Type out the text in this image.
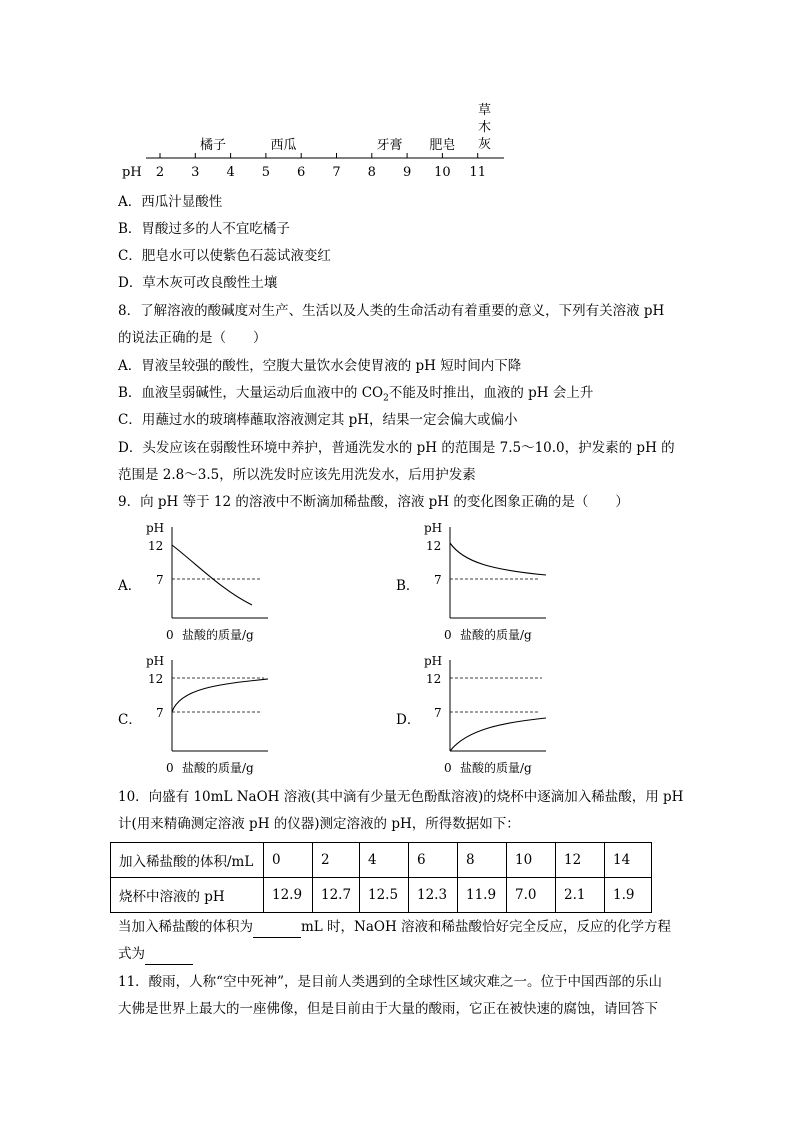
pH 2 3 4 5 6 7 8 9 10 11
橘子	西瓜	牙膏 肥皂
草
木
灰
A．西瓜汁显酸性
B．胃酸过多的人不宜吃橘子
C．肥皂水可以使紫色石蕊试液变红
D．草木灰可改良酸性土壤
8．了解溶液的酸碱度对生产、生活以及人类的生命活动有着重要的意义，下列有关溶液 pH
的说法正确的是（　　）
A．胃液呈较强的酸性，空腹大量饮水会使胃液的 pH 短时间内下降
B．血液呈弱碱性，大量运动后血液中的 $CO_2$不能及时推出，血液的 pH 会上升
C．用蘸过水的玻璃棒蘸取溶液测定其 pH，结果一定会偏大或偏小
D．头发应该在弱酸性环境中养护，普通洗发水的 pH 的范围是 7.5～10.0，护发素的 pH 的
范围是 2.8～3.5，所以洗发时应该先用洗发水，后用护发素
9．向 pH 等于 12 的溶液中不断滴加稀盐酸，溶液 pH 的变化图象正确的是（　　）
A．	B．
C．	D．
pH
12
7
0 盐酸的质量/g
pH
12
7
0 盐酸的质量/g
pH
12
7
0 盐酸的质量/g
pH
12
7
0 盐酸的质量/g
10．向盛有 10mL NaOH 溶液(其中滴有少量无色酚酞溶液)的烧杯中逐滴加入稀盐酸，用 pH
计(用来精确测定溶液 pH 的仪器)测定溶液的 pH，所得数据如下：
加入稀盐酸的体积/mL	0	2	4	6	8	10	12	14
烧杯中溶液的 pH	12.9	12.7	12.5	12.3	11.9	7.0	2.1	1.9
当加入稀盐酸的体积为	mL 时，NaOH 溶液和稀盐酸恰好完全反应，反应的化学方程
式为
11．酸雨，人称“空中死神”，是目前人类遇到的全球性区域灾难之一。位于中国西部的乐山
大佛是世界上最大的一座佛像，但是目前由于大量的酸雨，它正在被快速的腐蚀，请回答下
